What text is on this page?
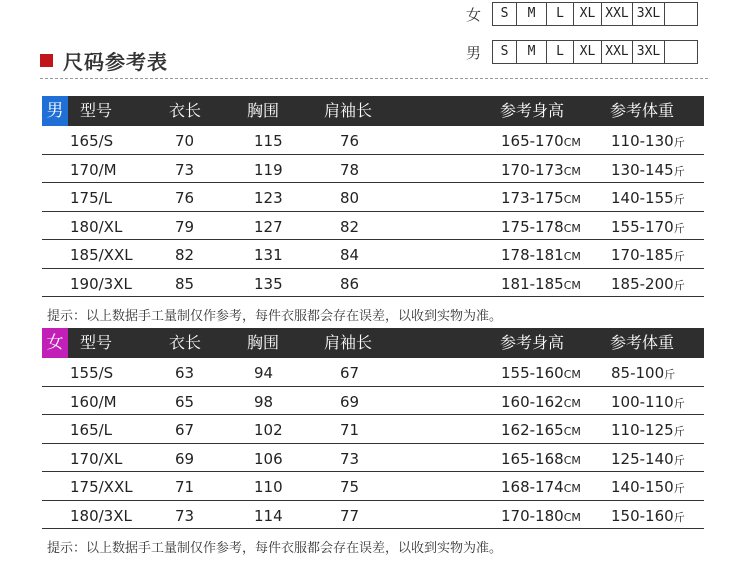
女	S	M	L	XL XXL 3XL
男	S	M	L	XL XXL 3XL
尺码参考表
男 型号	衣长	胸围	肩袖长	参考身高	参考体重
165/S	70	115	76	165-170CM 110-130斤
170/M	73	119	78	170-173CM 130-145斤
175/L	76	123	80	173-175CM 140-155斤
180/XL	79	127	82	175-178CM 155-170斤
185/XXL	82	131	84	178-181CM 170-185斤
190/3XL	85	135	86	181-185CM 185-200斤
提示：以上数据手工量制仅作参考，每件衣服都会存在误差，以收到实物为准。
女 型号	衣长	胸围	肩袖长	参考身高	参考体重
155/S	63	94	67	155-160CM 85-100斤
160/M	65	98	69	160-162CM 100-110斤
165/L	67	102	71	162-165CM 110-125斤
170/XL	69	106	73	165-168CM 125-140斤
175/XXL	71	110	75	168-174CM 140-150斤
180/3XL	73	114	77	170-180CM 150-160斤
提示：以上数据手工量制仅作参考，每件衣服都会存在误差，以收到实物为准。
